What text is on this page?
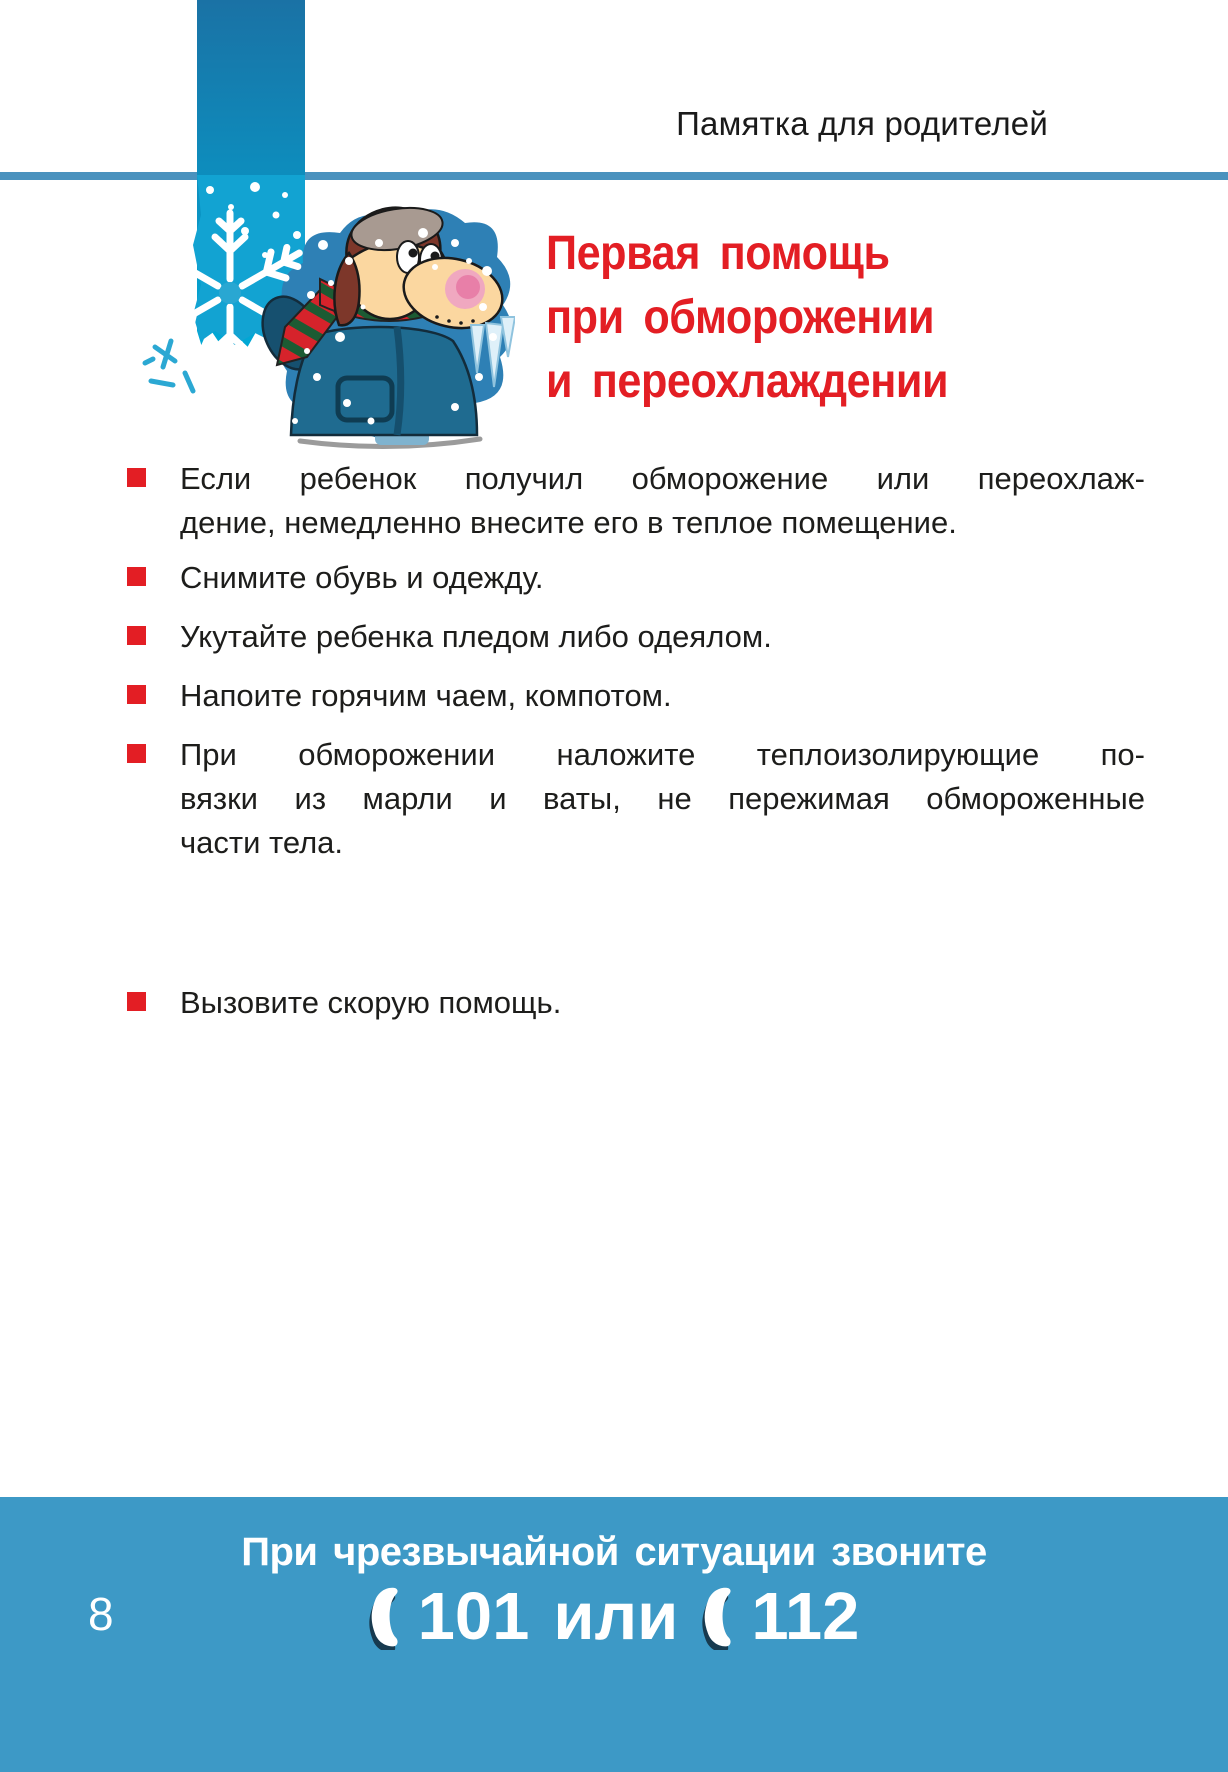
Памятка для родителей
Первая помощь
при обморожении
и переохлаждении
Если ребенок получил обморожение или переохлаж-
дение, немедленно внесите его в теплое помещение.
Снимите обувь и одежду.
Укутайте ребенка пледом либо одеялом.
Напоите горячим чаем, компотом.
При обморожении наложите теплоизолирующие по-
вязки из марли и ваты, не пережимая обмороженные
части тела.
Вызовите скорую помощь.
При чрезвычайной ситуации звоните
101 или 112
8
